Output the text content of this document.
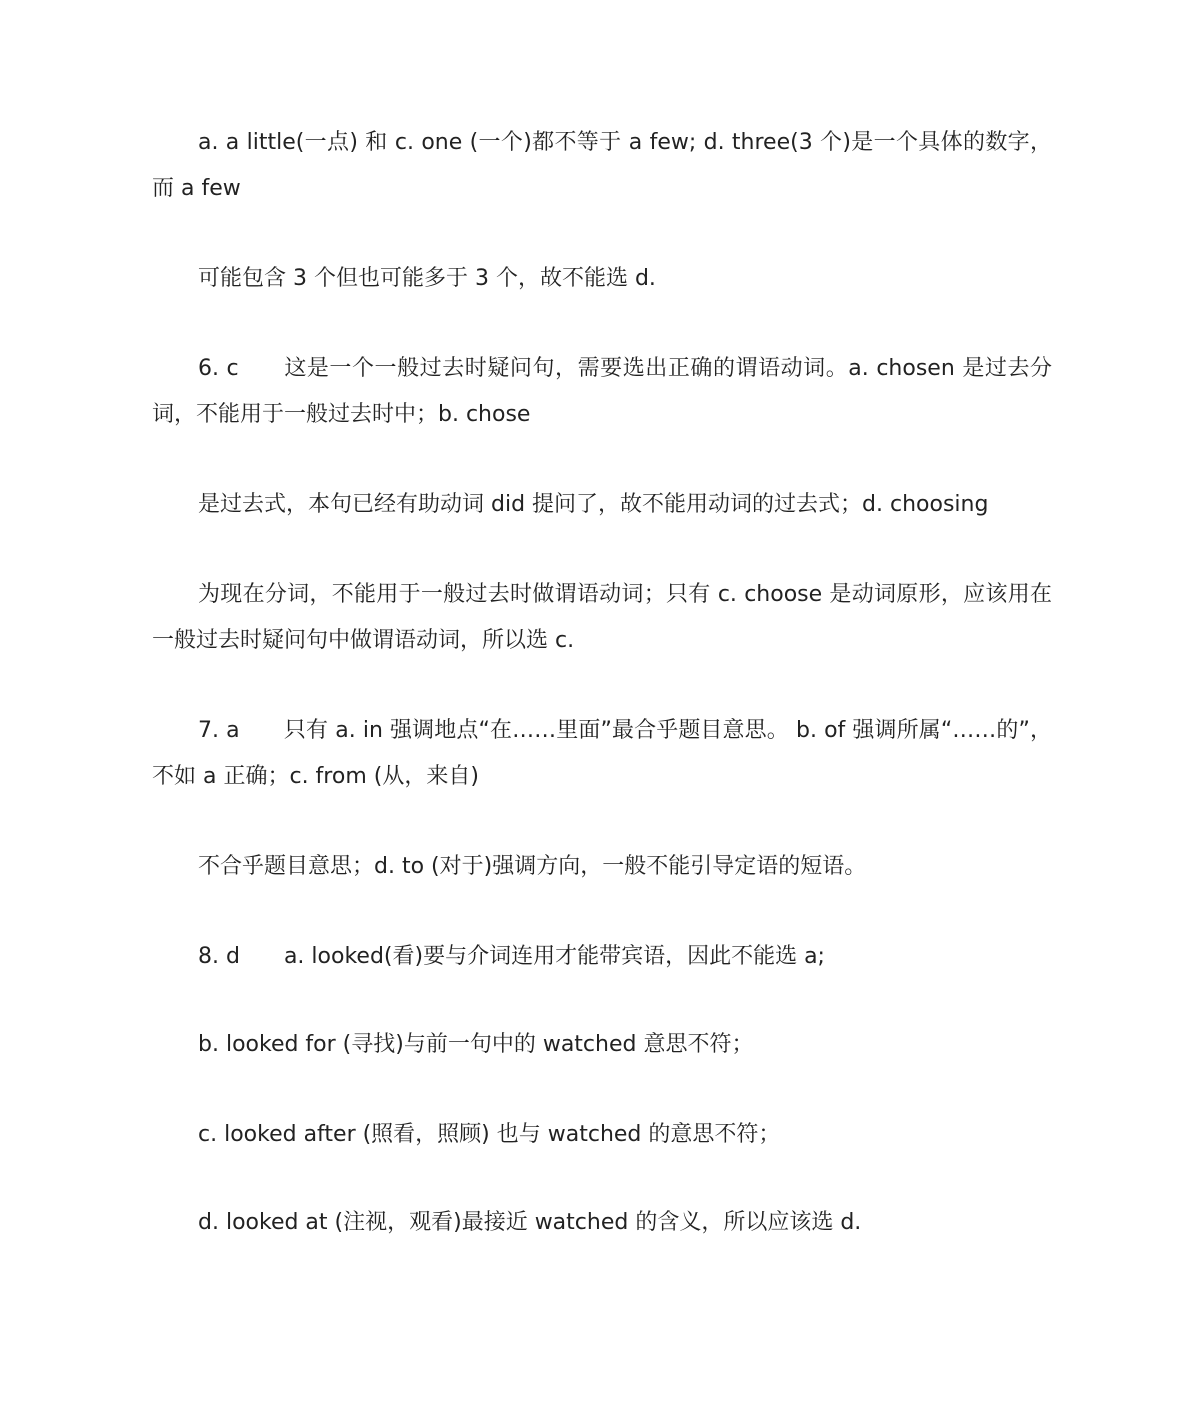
a. a little(一点) 和 c. one (一个)都不等于 a few; d. three(3 个)是一个具体的数字，而 a few

可能包含 3 个但也可能多于 3 个，故不能选 d.

6. c　　这是一个一般过去时疑问句，需要选出正确的谓语动词。a. chosen 是过去分词，不能用于一般过去时中；b. chose

是过去式，本句已经有助动词 did 提问了，故不能用动词的过去式；d. choosing

为现在分词，不能用于一般过去时做谓语动词；只有 c. choose 是动词原形，应该用在一般过去时疑问句中做谓语动词，所以选 c.

7. a　　只有 a. in 强调地点“在……里面”最合乎题目意思。 b. of 强调所属“……的”，不如 a 正确；c. from (从，来自)

不合乎题目意思；d. to (对于)强调方向，一般不能引导定语的短语。

8. d　　a. looked(看)要与介词连用才能带宾语，因此不能选 a;

b. looked for (寻找)与前一句中的 watched 意思不符；

c. looked after (照看，照顾) 也与 watched 的意思不符；

d. looked at (注视，观看)最接近 watched 的含义，所以应该选 d.
